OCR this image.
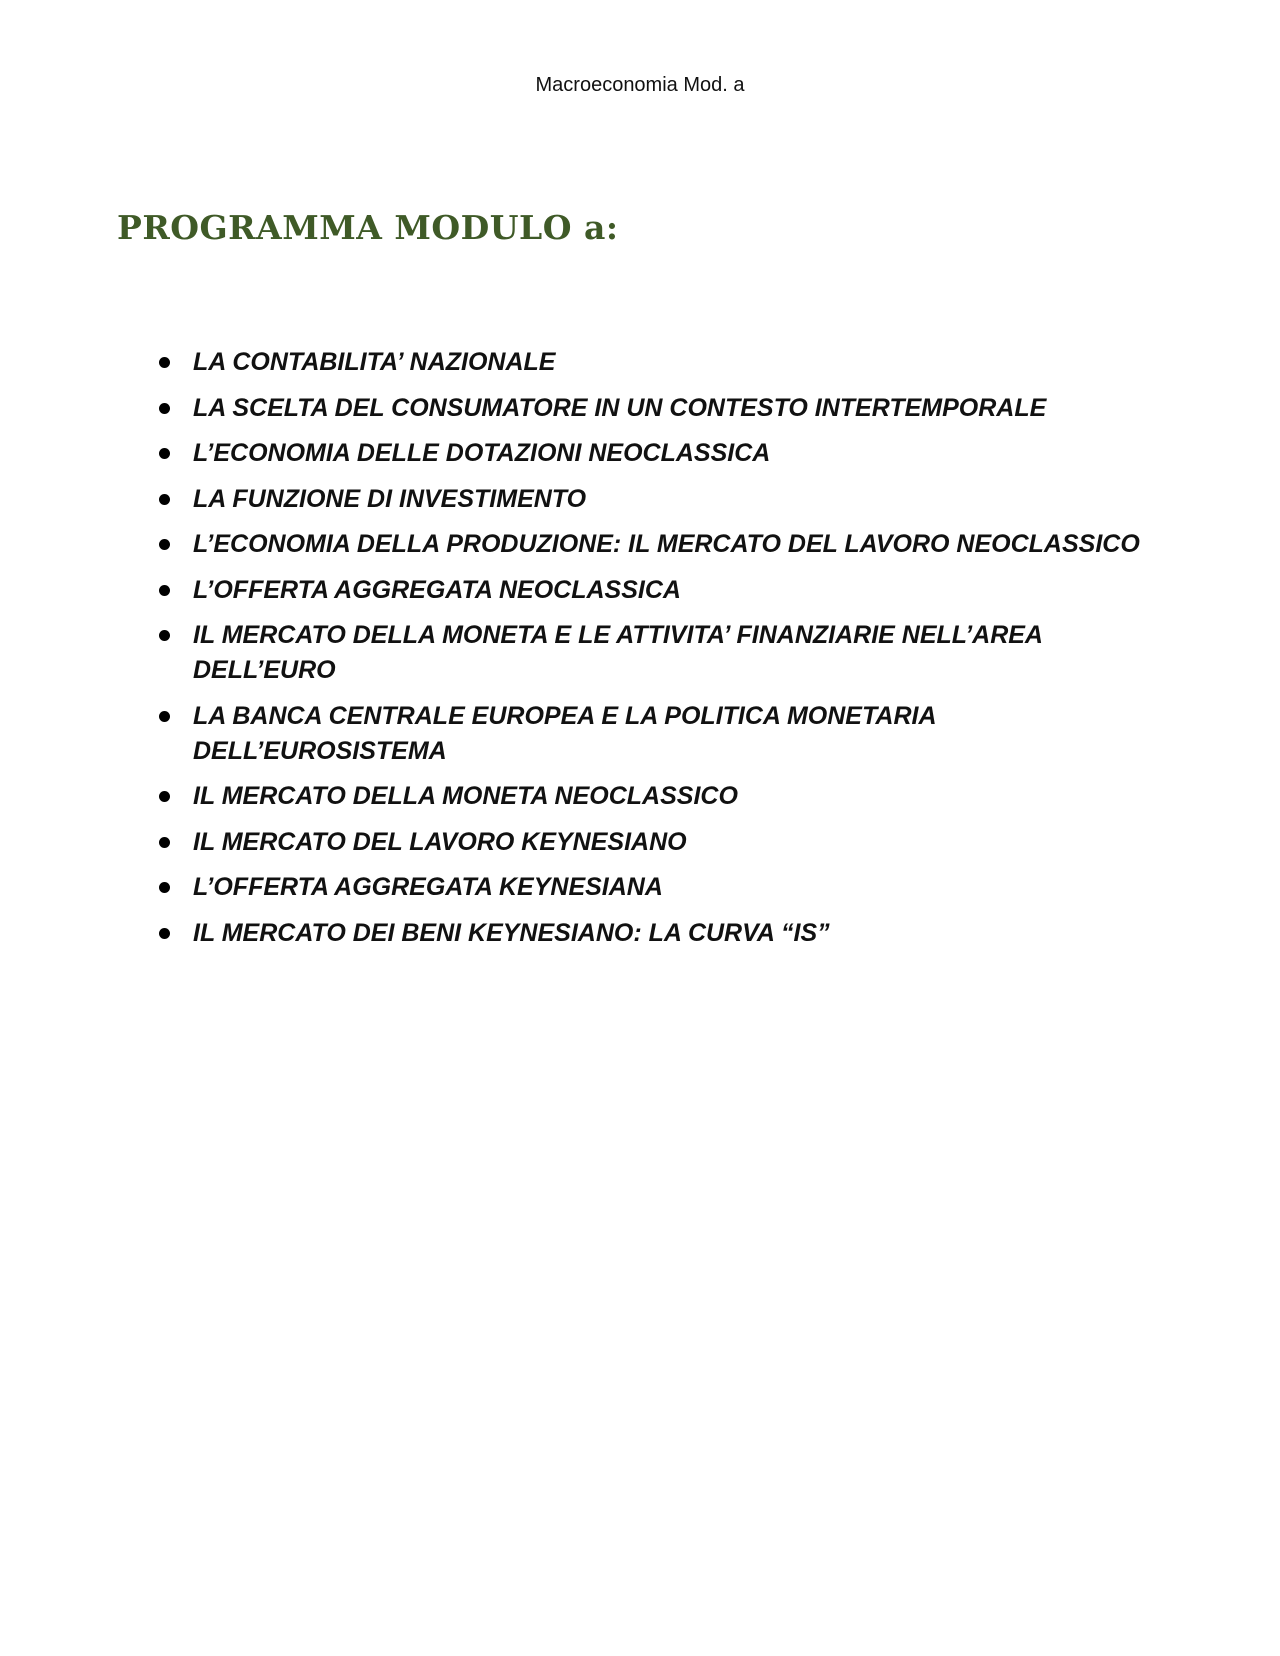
Macroeconomia Mod. a
PROGRAMMA MODULO a:
LA CONTABILITA’ NAZIONALE
LA SCELTA DEL CONSUMATORE IN UN CONTESTO INTERTEMPORALE
L’ECONOMIA DELLE DOTAZIONI NEOCLASSICA
LA FUNZIONE DI INVESTIMENTO
L’ECONOMIA DELLA PRODUZIONE: IL MERCATO DEL LAVORO NEOCLASSICO
L’OFFERTA AGGREGATA NEOCLASSICA
IL MERCATO DELLA MONETA E LE ATTIVITA’ FINANZIARIE NELL’AREA DELL’EURO
LA BANCA CENTRALE EUROPEA E LA POLITICA MONETARIA DELL’EUROSISTEMA
IL MERCATO DELLA MONETA NEOCLASSICO
IL MERCATO DEL LAVORO KEYNESIANO
L’OFFERTA AGGREGATA KEYNESIANA
IL MERCATO DEI BENI KEYNESIANO: LA CURVA “IS”
